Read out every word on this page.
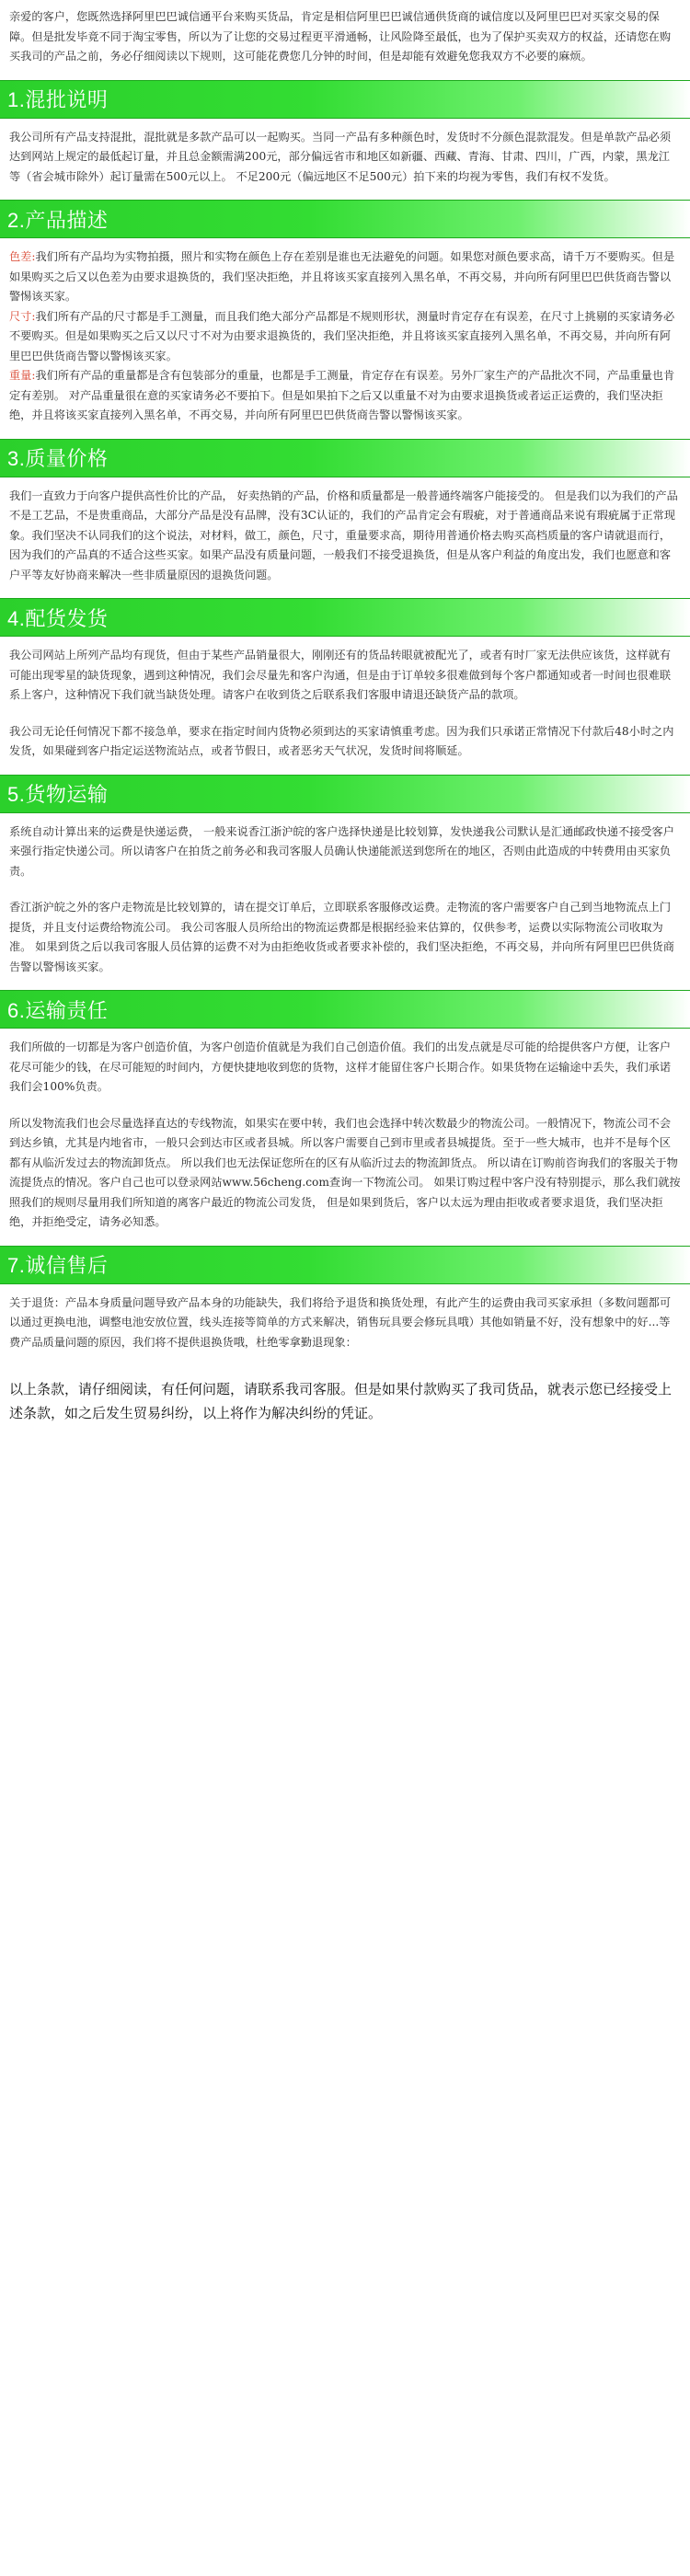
亲爱的客户，您既然选择阿里巴巴诚信通平台来购买货品，肯定是相信阿里巴巴诚信通供货商的诚信度以及阿里巴巴对买家交易的保障。但是批发毕竟不同于淘宝零售，所以为了让您的交易过程更平滑通畅，让风险降至最低，也为了保护买卖双方的权益，还请您在购买我司的产品之前，务必仔细阅读以下规则，这可能花费您几分钟的时间，但是却能有效避免您我双方不必要的麻烦。

1.混批说明

我公司所有产品支持混批，混批就是多款产品可以一起购买。当同一产品有多种颜色时，发货时不分颜色混款混发。但是单款产品必须达到网站上规定的最低起订量，并且总金额需满200元，部分偏远省市和地区如新疆、西藏、青海、甘肃、四川，广西，内蒙，黑龙江等（省会城市除外）起订量需在500元以上。 不足200元（偏远地区不足500元）拍下来的均视为零售，我们有权不发货。

2.产品描述

色差:我们所有产品均为实物拍摄，照片和实物在颜色上存在差别是谁也无法避免的问题。如果您对颜色要求高，请千万不要购买。但是如果购买之后又以色差为由要求退换货的，我们坚决拒绝，并且将该买家直接列入黑名单，不再交易，并向所有阿里巴巴供货商告警以警惕该买家。

尺寸:我们所有产品的尺寸都是手工测量，而且我们绝大部分产品都是不规则形状，测量时肯定存在有误差，在尺寸上挑剔的买家请务必不要购买。但是如果购买之后又以尺寸不对为由要求退换货的，我们坚决拒绝，并且将该买家直接列入黑名单，不再交易，并向所有阿里巴巴供货商告警以警惕该买家。

重量:我们所有产品的重量都是含有包装部分的重量，也都是手工测量，肯定存在有误差。另外厂家生产的产品批次不同，产品重量也肯定有差别。 对产品重量很在意的买家请务必不要拍下。但是如果拍下之后又以重量不对为由要求退换货或者运正运费的，我们坚决拒绝，并且将该买家直接列入黑名单，不再交易，并向所有阿里巴巴供货商告警以警惕该买家。

3.质量价格

我们一直致力于向客户提供高性价比的产品， 好卖热销的产品，价格和质量都是一般普通终端客户能接受的。 但是我们以为我们的产品不是工艺品，不是贵重商品，大部分产品是没有品牌，没有3C认证的，我们的产品肯定会有瑕疵，对于普通商品来说有瑕疵属于正常现象。我们坚决不认同我们的这个说法，对材料，做工，颜色，尺寸，重量要求高，期待用普通价格去购买高档质量的客户请就退而行，因为我们的产品真的不适合这些买家。如果产品没有质量问题，一般我们不接受退换货，但是从客户利益的角度出发，我们也愿意和客户平等友好协商来解决一些非质量原因的退换货问题。

4.配货发货

我公司网站上所列产品均有现货，但由于某些产品销量很大，刚刚还有的货品转眼就被配光了，或者有时厂家无法供应该货，这样就有可能出现零星的缺货现象，遇到这种情况，我们会尽量先和客户沟通，但是由于订单较多很难做到每个客户都通知或者一时间也很难联系上客户，这种情况下我们就当缺货处理。请客户在收到货之后联系我们客服申请退还缺货产品的款项。

我公司无论任何情况下都不接急单，要求在指定时间内货物必须到达的买家请慎重考虑。因为我们只承诺正常情况下付款后48小时之内发货，如果碰到客户指定运送物流站点，或者节假日，或者恶劣天气状况，发货时间将顺延。

5.货物运输

系统自动计算出来的运费是快递运费， 一般来说香江浙沪皖的客户选择快递是比较划算，发快递我公司默认是汇通邮政快递不接受客户来强行指定快递公司。所以请客户在拍货之前务必和我司客服人员确认快递能派送到您所在的地区，否则由此造成的中转费用由买家负责。

香江浙沪皖之外的客户走物流是比较划算的，请在提交订单后，立即联系客服修改运费。走物流的客户需要客户自己到当地物流点上门提货，并且支付运费给物流公司。 我公司客服人员所给出的物流运费都是根据经验来估算的，仅供参考，运费以实际物流公司收取为准。 如果到货之后以我司客服人员估算的运费不对为由拒绝收货或者要求补偿的，我们坚决拒绝，不再交易，并向所有阿里巴巴供货商告警以警惕该买家。

6.运输责任

我们所做的一切都是为客户创造价值，为客户创造价值就是为我们自己创造价值。我们的出发点就是尽可能的给提供客户方便，让客户花尽可能少的钱，在尽可能短的时间内，方便快捷地收到您的货物，这样才能留住客户长期合作。如果货物在运输途中丢失，我们承诺我们会100%负责。

所以发物流我们也会尽量选择直达的专线物流，如果实在要中转，我们也会选择中转次数最少的物流公司。一般情况下，物流公司不会到达乡镇，尤其是内地省市，一般只会到达市区或者县城。所以客户需要自己到市里或者县城提货。至于一些大城市，也并不是每个区都有从临沂发过去的物流卸货点。 所以我们也无法保证您所在的区有从临沂过去的物流卸货点。 所以请在订购前咨询我们的客服关于物流提货点的情况。客户自己也可以登录网站www.56cheng.com查询一下物流公司。 如果订购过程中客户没有特别提示，那么我们就按照我们的规则尽量用我们所知道的离客户最近的物流公司发货， 但是如果到货后，客户以太远为理由拒收或者要求退货，我们坚决拒绝，并拒绝受定，请务必知悉。

7.诚信售后

关于退货：产品本身质量问题导致产品本身的功能缺失，我们将给予退货和换货处理，有此产生的运费由我司买家承担（多数问题都可以通过更换电池，调整电池安放位置，线头连接等简单的方式来解决，销售玩具要会修玩具哦）其他如销量不好，没有想象中的好...等费产品质量问题的原因，我们将不提供退换货哦，杜绝零拿勤退现象：

以上条款，请仔细阅读，有任何问题，请联系我司客服。但是如果付款购买了我司货品，就表示您已经接受上述条款，如之后发生贸易纠纷，以上将作为解决纠纷的凭证。
